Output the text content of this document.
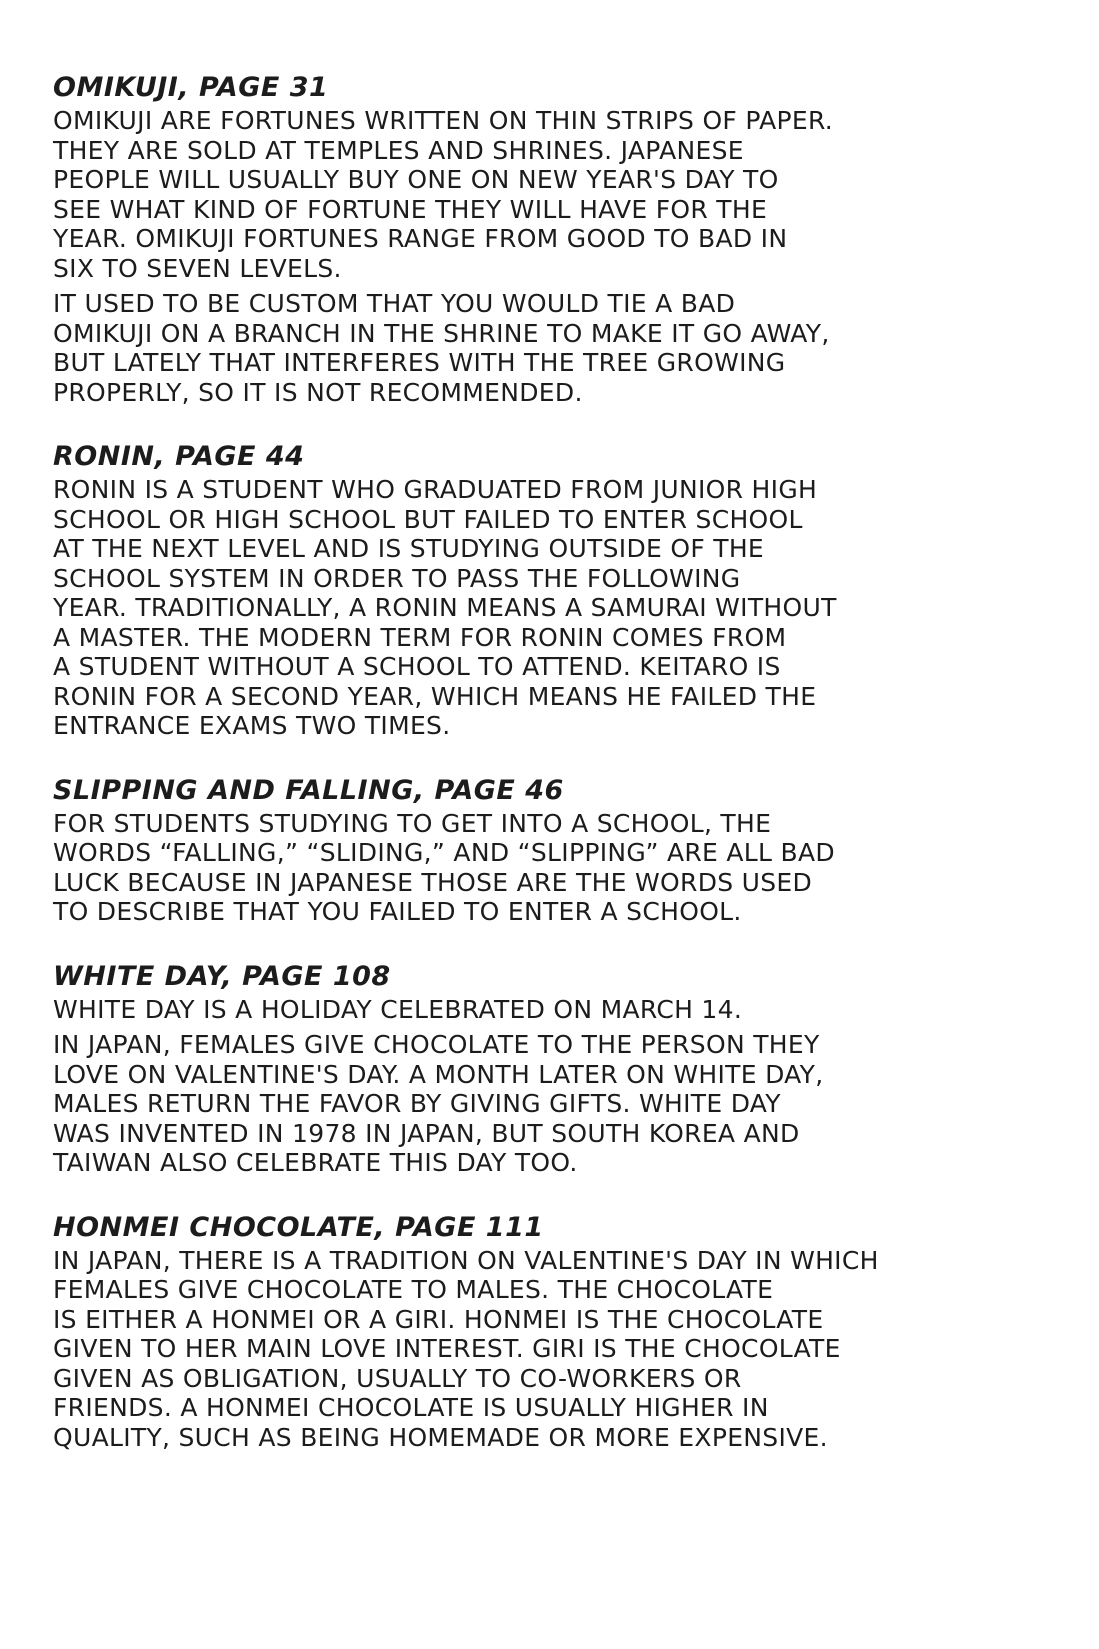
OMIKUJI, PAGE 31

OMIKUJI ARE FORTUNES WRITTEN ON THIN STRIPS OF PAPER.
THEY ARE SOLD AT TEMPLES AND SHRINES. JAPANESE
PEOPLE WILL USUALLY BUY ONE ON NEW YEAR'S DAY TO
SEE WHAT KIND OF FORTUNE THEY WILL HAVE FOR THE
YEAR. OMIKUJI FORTUNES RANGE FROM GOOD TO BAD IN
SIX TO SEVEN LEVELS.

IT USED TO BE CUSTOM THAT YOU WOULD TIE A BAD
OMIKUJI ON A BRANCH IN THE SHRINE TO MAKE IT GO AWAY,
BUT LATELY THAT INTERFERES WITH THE TREE GROWING
PROPERLY, SO IT IS NOT RECOMMENDED.

RONIN, PAGE 44

RONIN IS A STUDENT WHO GRADUATED FROM JUNIOR HIGH
SCHOOL OR HIGH SCHOOL BUT FAILED TO ENTER SCHOOL
AT THE NEXT LEVEL AND IS STUDYING OUTSIDE OF THE
SCHOOL SYSTEM IN ORDER TO PASS THE FOLLOWING
YEAR. TRADITIONALLY, A RONIN MEANS A SAMURAI WITHOUT
A MASTER. THE MODERN TERM FOR RONIN COMES FROM
A STUDENT WITHOUT A SCHOOL TO ATTEND. KEITARO IS
RONIN FOR A SECOND YEAR, WHICH MEANS HE FAILED THE
ENTRANCE EXAMS TWO TIMES.

SLIPPING AND FALLING, PAGE 46

FOR STUDENTS STUDYING TO GET INTO A SCHOOL, THE
WORDS “FALLING,” “SLIDING,” AND “SLIPPING” ARE ALL BAD
LUCK BECAUSE IN JAPANESE THOSE ARE THE WORDS USED
TO DESCRIBE THAT YOU FAILED TO ENTER A SCHOOL.

WHITE DAY, PAGE 108

WHITE DAY IS A HOLIDAY CELEBRATED ON MARCH 14.

IN JAPAN, FEMALES GIVE CHOCOLATE TO THE PERSON THEY
LOVE ON VALENTINE'S DAY. A MONTH LATER ON WHITE DAY,
MALES RETURN THE FAVOR BY GIVING GIFTS. WHITE DAY
WAS INVENTED IN 1978 IN JAPAN, BUT SOUTH KOREA AND
TAIWAN ALSO CELEBRATE THIS DAY TOO.

HONMEI CHOCOLATE, PAGE 111

IN JAPAN, THERE IS A TRADITION ON VALENTINE'S DAY IN WHICH
FEMALES GIVE CHOCOLATE TO MALES. THE CHOCOLATE
IS EITHER A HONMEI OR A GIRI. HONMEI IS THE CHOCOLATE
GIVEN TO HER MAIN LOVE INTEREST. GIRI IS THE CHOCOLATE
GIVEN AS OBLIGATION, USUALLY TO CO-WORKERS OR
FRIENDS. A HONMEI CHOCOLATE IS USUALLY HIGHER IN
QUALITY, SUCH AS BEING HOMEMADE OR MORE EXPENSIVE.
